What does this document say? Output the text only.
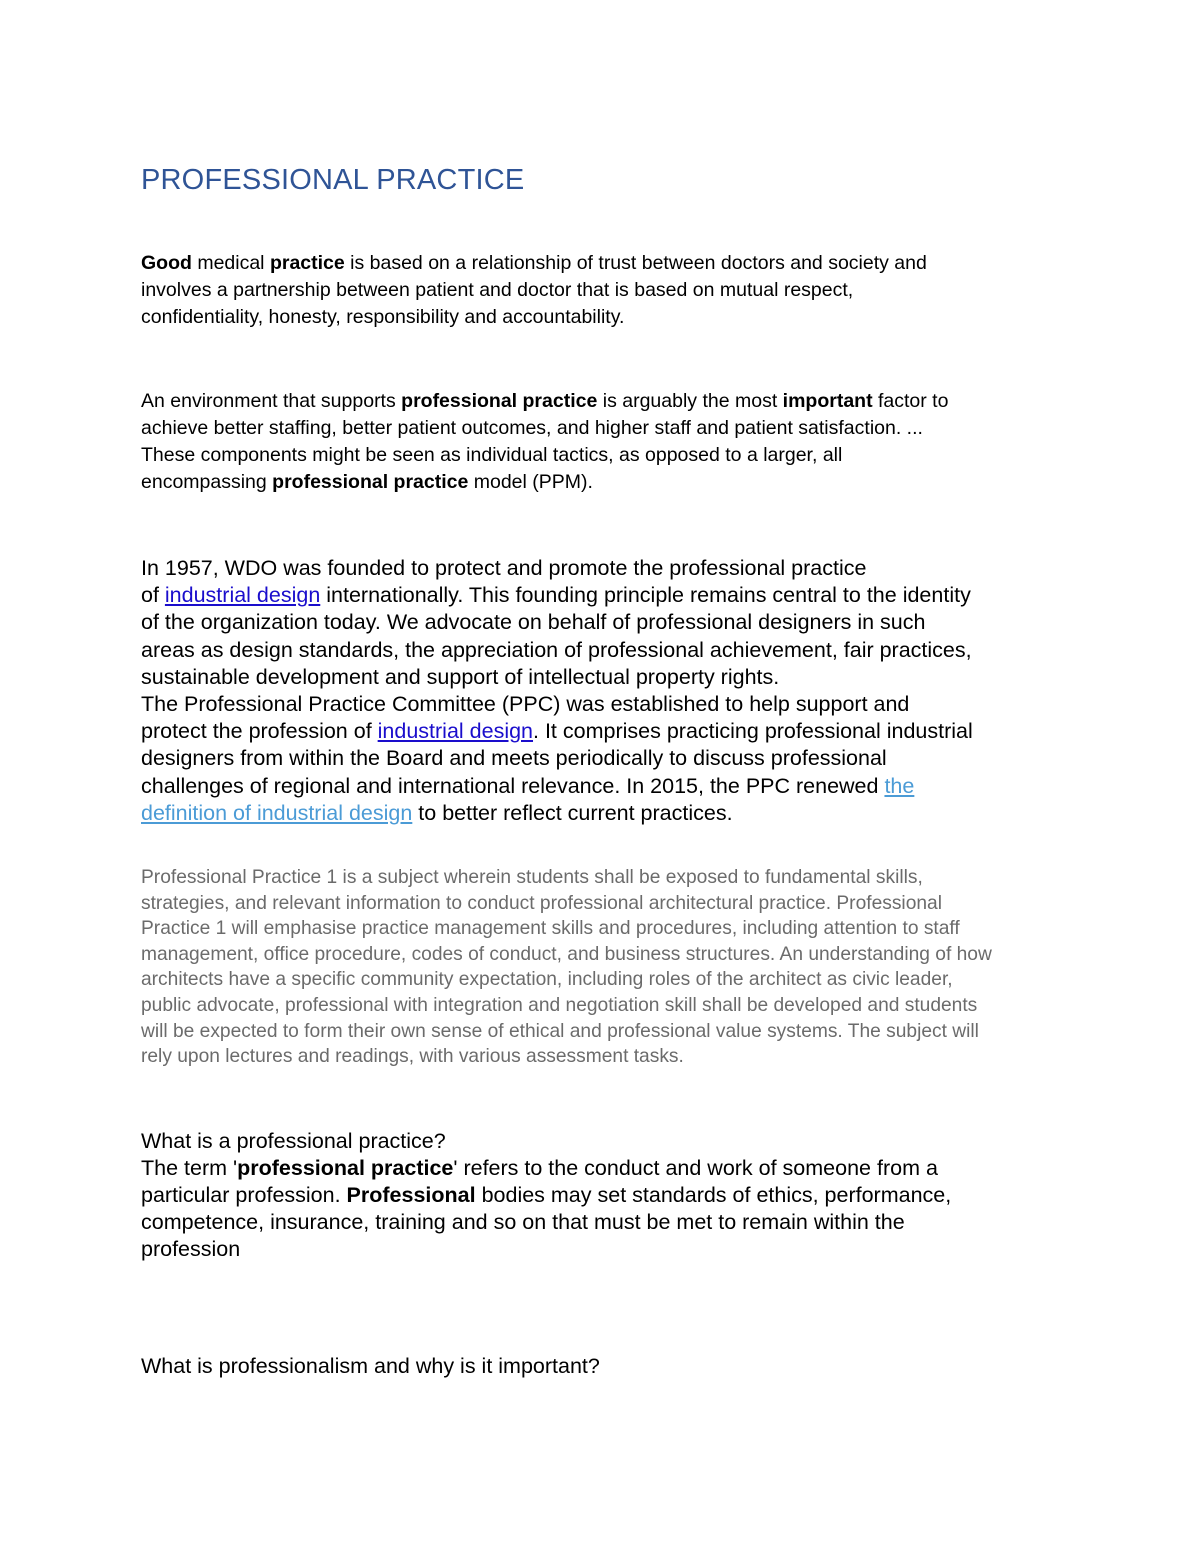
PROFESSIONAL PRACTICE

Good medical practice is based on a relationship of trust between doctors and society and
involves a partnership between patient and doctor that is based on mutual respect,
confidentiality, honesty, responsibility and accountability.

An environment that supports professional practice is arguably the most important factor to
achieve better staffing, better patient outcomes, and higher staff and patient satisfaction. ...
These components might be seen as individual tactics, as opposed to a larger, all
encompassing professional practice model (PPM).

In 1957, WDO was founded to protect and promote the professional practice
of industrial design internationally. This founding principle remains central to the identity
of the organization today. We advocate on behalf of professional designers in such
areas as design standards, the appreciation of professional achievement, fair practices,
sustainable development and support of intellectual property rights.
The Professional Practice Committee (PPC) was established to help support and
protect the profession of industrial design. It comprises practicing professional industrial
designers from within the Board and meets periodically to discuss professional
challenges of regional and international relevance. In 2015, the PPC renewed the
definition of industrial design to better reflect current practices.

Professional Practice 1 is a subject wherein students shall be exposed to fundamental skills,
strategies, and relevant information to conduct professional architectural practice. Professional
Practice 1 will emphasise practice management skills and procedures, including attention to staff
management, office procedure, codes of conduct, and business structures. An understanding of how
architects have a specific community expectation, including roles of the architect as civic leader,
public advocate, professional with integration and negotiation skill shall be developed and students
will be expected to form their own sense of ethical and professional value systems. The subject will
rely upon lectures and readings, with various assessment tasks.

What is a professional practice?
The term 'professional practice' refers to the conduct and work of someone from a
particular profession. Professional bodies may set standards of ethics, performance,
competence, insurance, training and so on that must be met to remain within the
profession

What is professionalism and why is it important?
